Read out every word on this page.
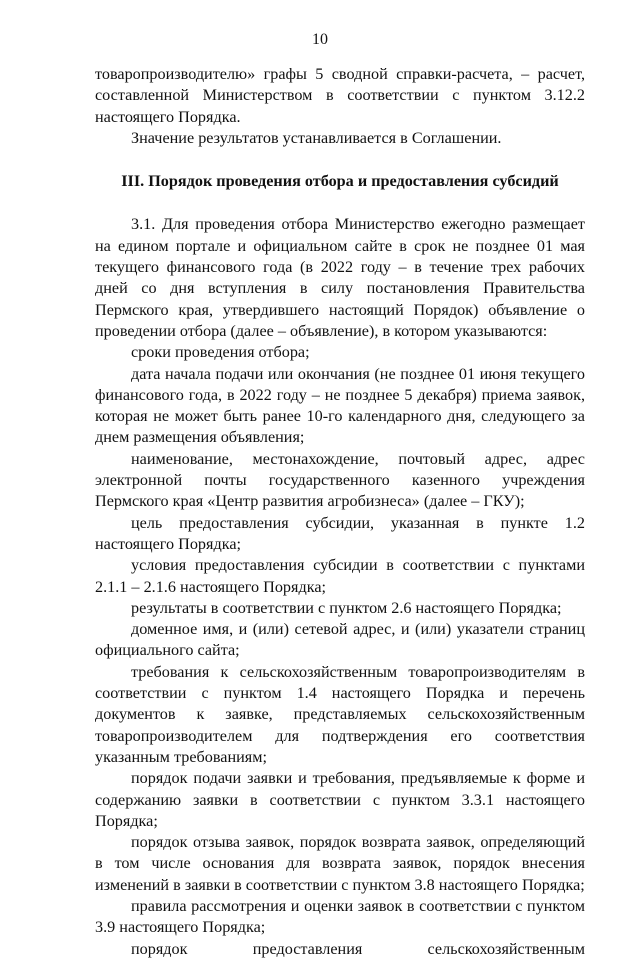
10

товаропроизводителю» графы 5 сводной справки-расчета, – расчет, составленной Министерством в соответствии с пунктом 3.12.2 настоящего Порядка.

Значение результатов устанавливается в Соглашении.

III. Порядок проведения отбора и предоставления субсидий

3.1. Для проведения отбора Министерство ежегодно размещает на едином портале и официальном сайте в срок не позднее 01 мая текущего финансового года (в 2022 году – в течение трех рабочих дней со дня вступления в силу постановления Правительства Пермского края, утвердившего настоящий Порядок) объявление о проведении отбора (далее – объявление), в котором указываются:

сроки проведения отбора;

дата начала подачи или окончания (не позднее 01 июня текущего финансового года, в 2022 году – не позднее 5 декабря) приема заявок, которая не может быть ранее 10-го календарного дня, следующего за днем размещения объявления;

наименование, местонахождение, почтовый адрес, адрес электронной почты государственного казенного учреждения Пермского края «Центр развития агробизнеса» (далее – ГКУ);

цель предоставления субсидии, указанная в пункте 1.2 настоящего Порядка;

условия предоставления субсидии в соответствии с пунктами 2.1.1 – 2.1.6 настоящего Порядка;

результаты в соответствии с пунктом 2.6 настоящего Порядка;

доменное имя, и (или) сетевой адрес, и (или) указатели страниц официального сайта;

требования к сельскохозяйственным товаропроизводителям в соответствии с пунктом 1.4 настоящего Порядка и перечень документов к заявке, представляемых сельскохозяйственным товаропроизводителем для подтверждения его соответствия указанным требованиям;

порядок подачи заявки и требования, предъявляемые к форме и содержанию заявки в соответствии с пунктом 3.3.1 настоящего Порядка;

порядок отзыва заявок, порядок возврата заявок, определяющий в том числе основания для возврата заявок, порядок внесения изменений в заявки в соответствии с пунктом 3.8 настоящего Порядка;

правила рассмотрения и оценки заявок в соответствии с пунктом 3.9 настоящего Порядка;

порядок предоставления сельскохозяйственным
